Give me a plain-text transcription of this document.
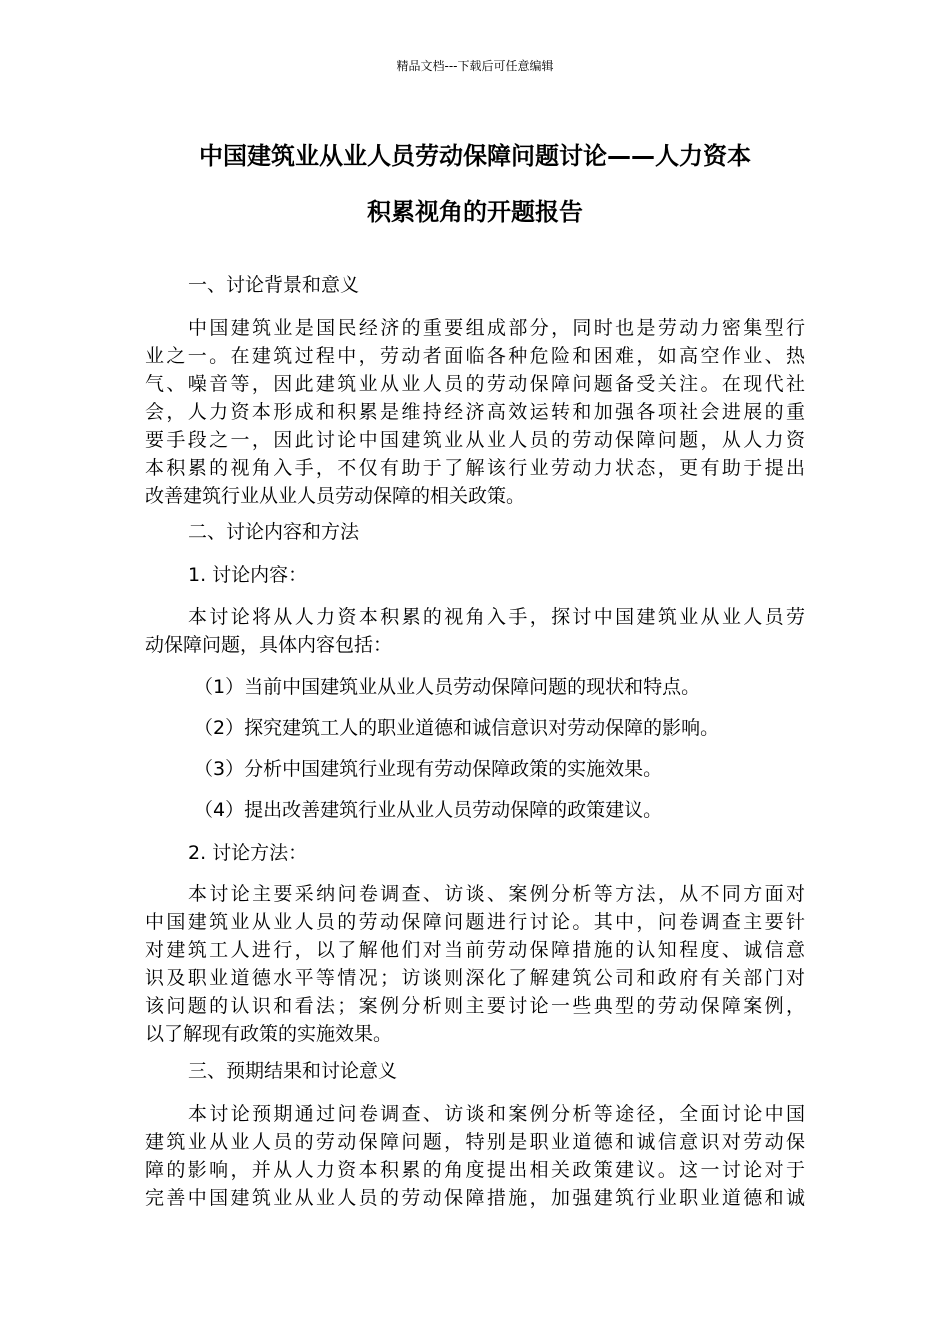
精品文档---下载后可任意编辑
中国建筑业从业人员劳动保障问题讨论——人力资本
积累视角的开题报告
一、讨论背景和意义
中国建筑业是国民经济的重要组成部分，同时也是劳动力密集型行
业之一。在建筑过程中，劳动者面临各种危险和困难，如高空作业、热
气、噪音等，因此建筑业从业人员的劳动保障问题备受关注。在现代社
会，人力资本形成和积累是维持经济高效运转和加强各项社会进展的重
要手段之一，因此讨论中国建筑业从业人员的劳动保障问题，从人力资
本积累的视角入手，不仅有助于了解该行业劳动力状态，更有助于提出
改善建筑行业从业人员劳动保障的相关政策。
二、讨论内容和方法
1. 讨论内容：
本讨论将从人力资本积累的视角入手，探讨中国建筑业从业人员劳
动保障问题，具体内容包括：
（1）当前中国建筑业从业人员劳动保障问题的现状和特点。
（2）探究建筑工人的职业道德和诚信意识对劳动保障的影响。
（3）分析中国建筑行业现有劳动保障政策的实施效果。
（4）提出改善建筑行业从业人员劳动保障的政策建议。
2. 讨论方法：
本讨论主要采纳问卷调查、访谈、案例分析等方法，从不同方面对
中国建筑业从业人员的劳动保障问题进行讨论。其中，问卷调查主要针
对建筑工人进行，以了解他们对当前劳动保障措施的认知程度、诚信意
识及职业道德水平等情况；访谈则深化了解建筑公司和政府有关部门对
该问题的认识和看法；案例分析则主要讨论一些典型的劳动保障案例，
以了解现有政策的实施效果。
三、预期结果和讨论意义
本讨论预期通过问卷调查、访谈和案例分析等途径，全面讨论中国
建筑业从业人员的劳动保障问题，特别是职业道德和诚信意识对劳动保
障的影响，并从人力资本积累的角度提出相关政策建议。这一讨论对于
完善中国建筑业从业人员的劳动保障措施，加强建筑行业职业道德和诚
